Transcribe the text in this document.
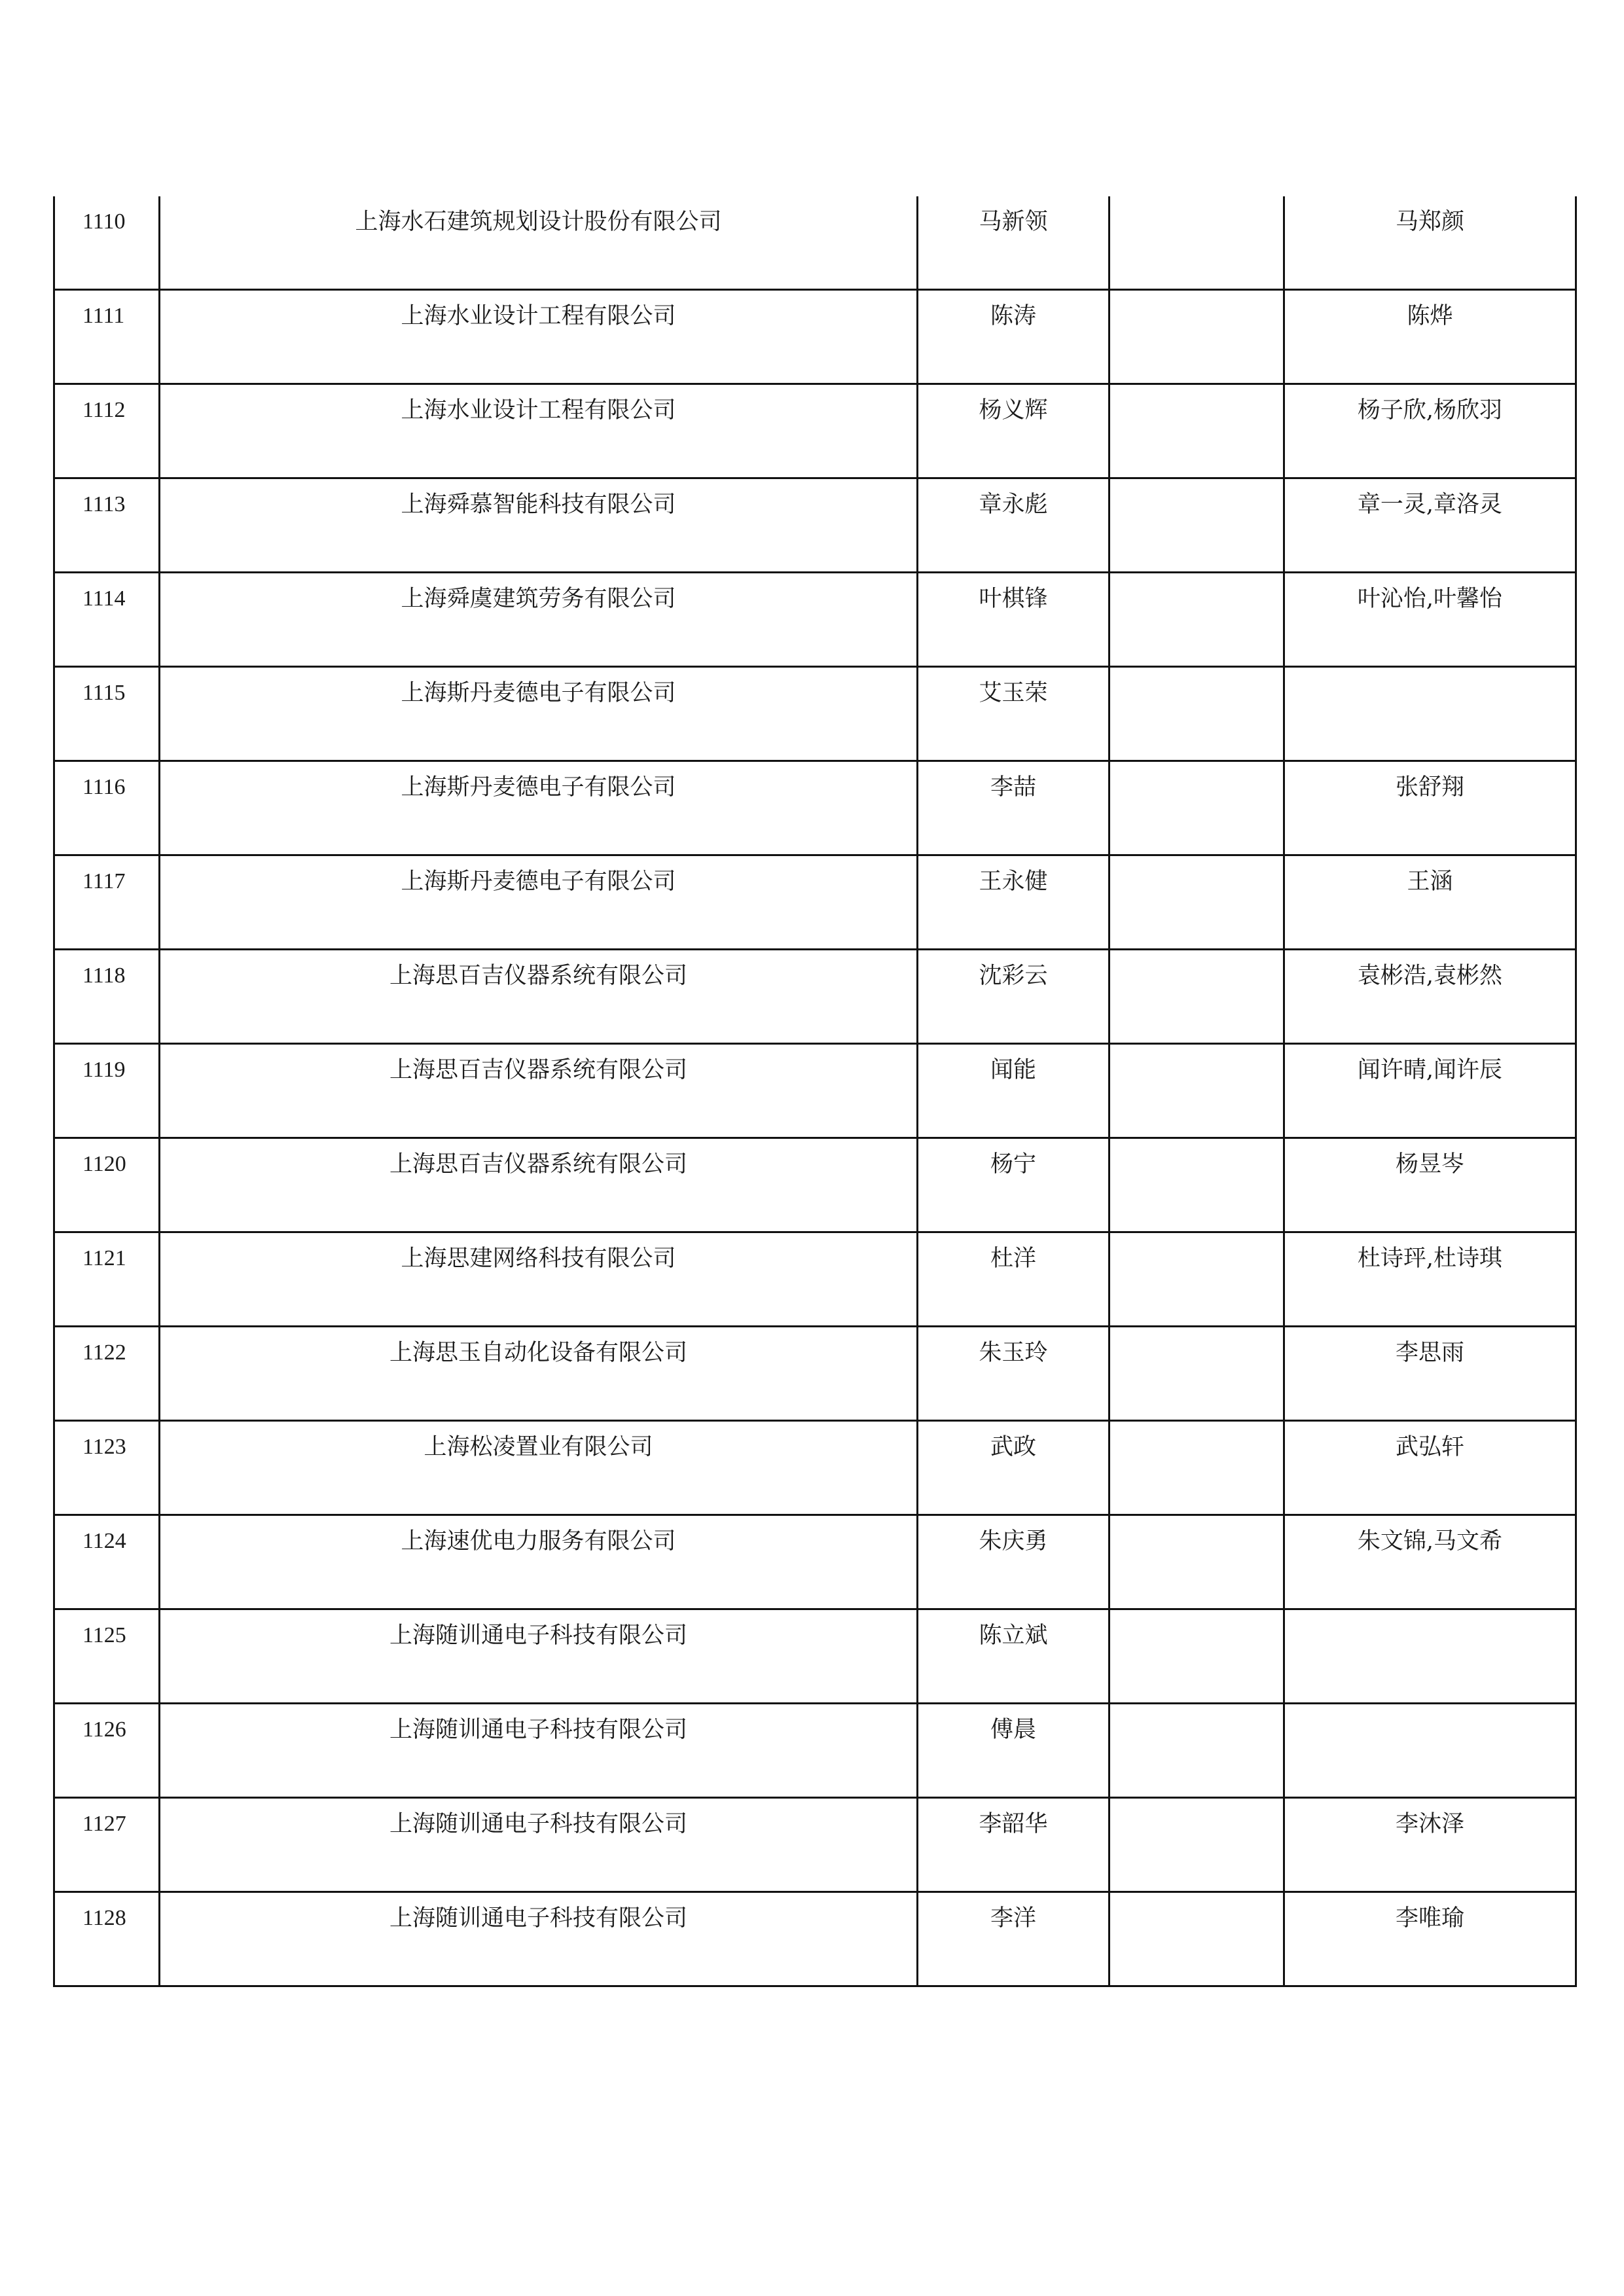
1110	上海水石建筑规划设计股份有限公司	马新领		马郑颜

1111	上海水业设计工程有限公司	陈涛		陈烨

1112	上海水业设计工程有限公司	杨义辉		杨子欣,杨欣羽

1113	上海舜慕智能科技有限公司	章永彪		章一灵,章洛灵

1114	上海舜虞建筑劳务有限公司	叶棋锋		叶沁怡,叶馨怡

1115	上海斯丹麦德电子有限公司	艾玉荣		

1116	上海斯丹麦德电子有限公司	李喆		张舒翔

1117	上海斯丹麦德电子有限公司	王永健		王涵

1118	上海思百吉仪器系统有限公司	沈彩云		袁彬浩,袁彬然

1119	上海思百吉仪器系统有限公司	闻能		闻许晴,闻许辰

1120	上海思百吉仪器系统有限公司	杨宁		杨昱岑

1121	上海思建网络科技有限公司	杜洋		杜诗玶,杜诗琪

1122	上海思玉自动化设备有限公司	朱玉玲		李思雨

1123	上海松凌置业有限公司	武政		武弘轩

1124	上海速优电力服务有限公司	朱庆勇		朱文锦,马文希

1125	上海随训通电子科技有限公司	陈立斌		

1126	上海随训通电子科技有限公司	傅晨		

1127	上海随训通电子科技有限公司	李韶华		李沐泽

1128	上海随训通电子科技有限公司	李洋		李唯瑜
